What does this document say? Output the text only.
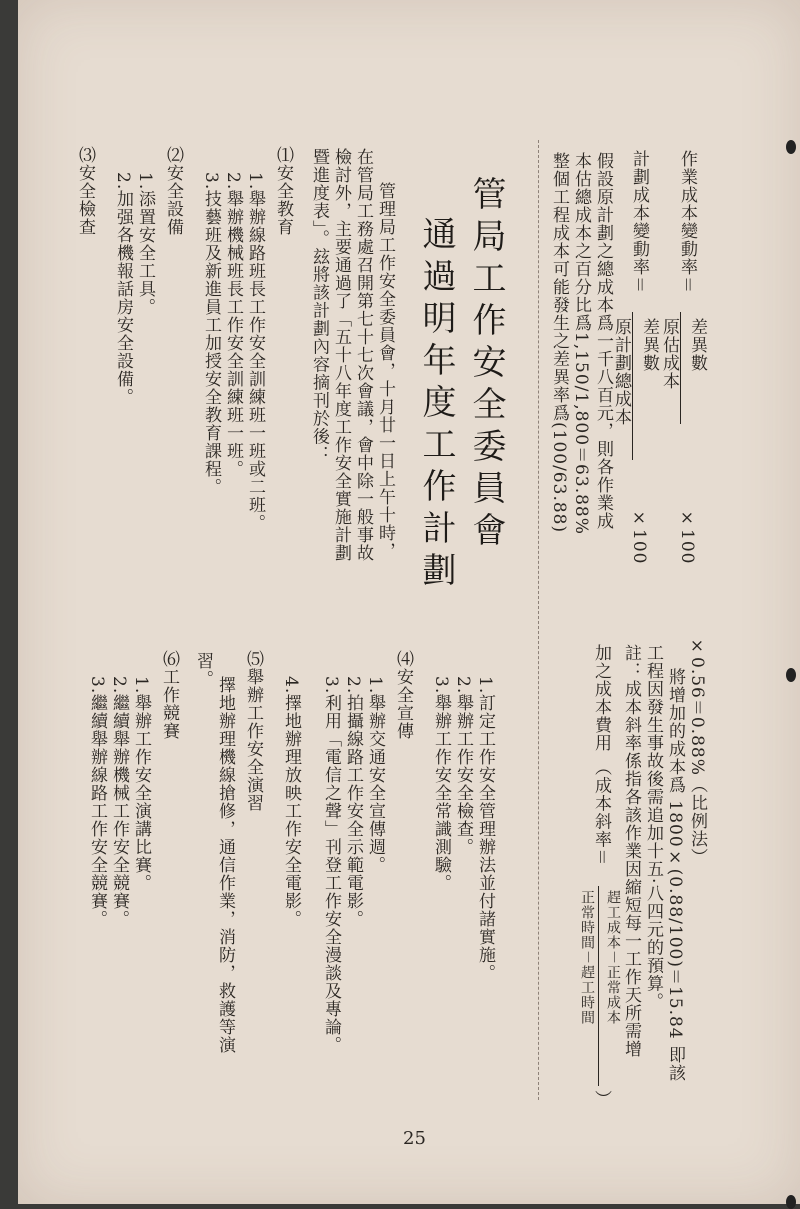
作業成本變動率＝
差異數
原估成本
×100
計劃成本變動率＝
差異數
原計劃總成本
×100
假設原計劃之總成本爲一千八百元，則各作業成
本估總成本之百分比爲1,150/1,800＝63.88%
整個工程成本可能發生之差異率爲(100/63.88)
×0.56＝0.88%（比例法）
將增加的成本爲 1800×(0.88/100)＝15.84 即該
工程因發生事故後需追加十五·八四元的預算。
註：成本斜率係指各該作業因縮短每一工作天所需增
加之成本費用 （成本斜率＝
趕工成本－正常成本
正常時間－趕工時間
）
管局工作安全委員會
通過明年度工作計劃
管理局工作安全委員會，十月廿一日上午十時，
在管局工務處召開第七十七次會議，會中除一般事故
檢討外，主要通過了「五十八年度工作安全實施計劃
暨進度表」。玆將該計劃內容摘刊於後：
⑴安全教育
1.舉辦線路班長工作安全訓練班一班或二班。
2.舉辦機械班長工作安全訓練班一班。
3.技藝班及新進員工加授安全教育課程。
⑵安全設備
1.添置安全工具。
2.加强各機報話房安全設備。
⑶安全檢查
1.訂定工作安全管理辦法並付諸實施。
2.舉辦工作安全檢查。
3.舉辦工作安全常識測驗。
⑷安全宣傳
1.舉辦交通安全宣傳週。
2.拍攝線路工作安全示範電影。
3.利用「電信之聲」刊登工作安全漫談及專論。
4.擇地辦理放映工作安全電影。
⑸舉辦工作安全演習
擇地辦理機線搶修，通信作業，消防，救護等演
習。
⑹工作競賽
1.舉辦工作安全演講比賽。
2.繼續舉辦機械工作安全競賽。
3.繼續舉辦線路工作安全競賽。
25
